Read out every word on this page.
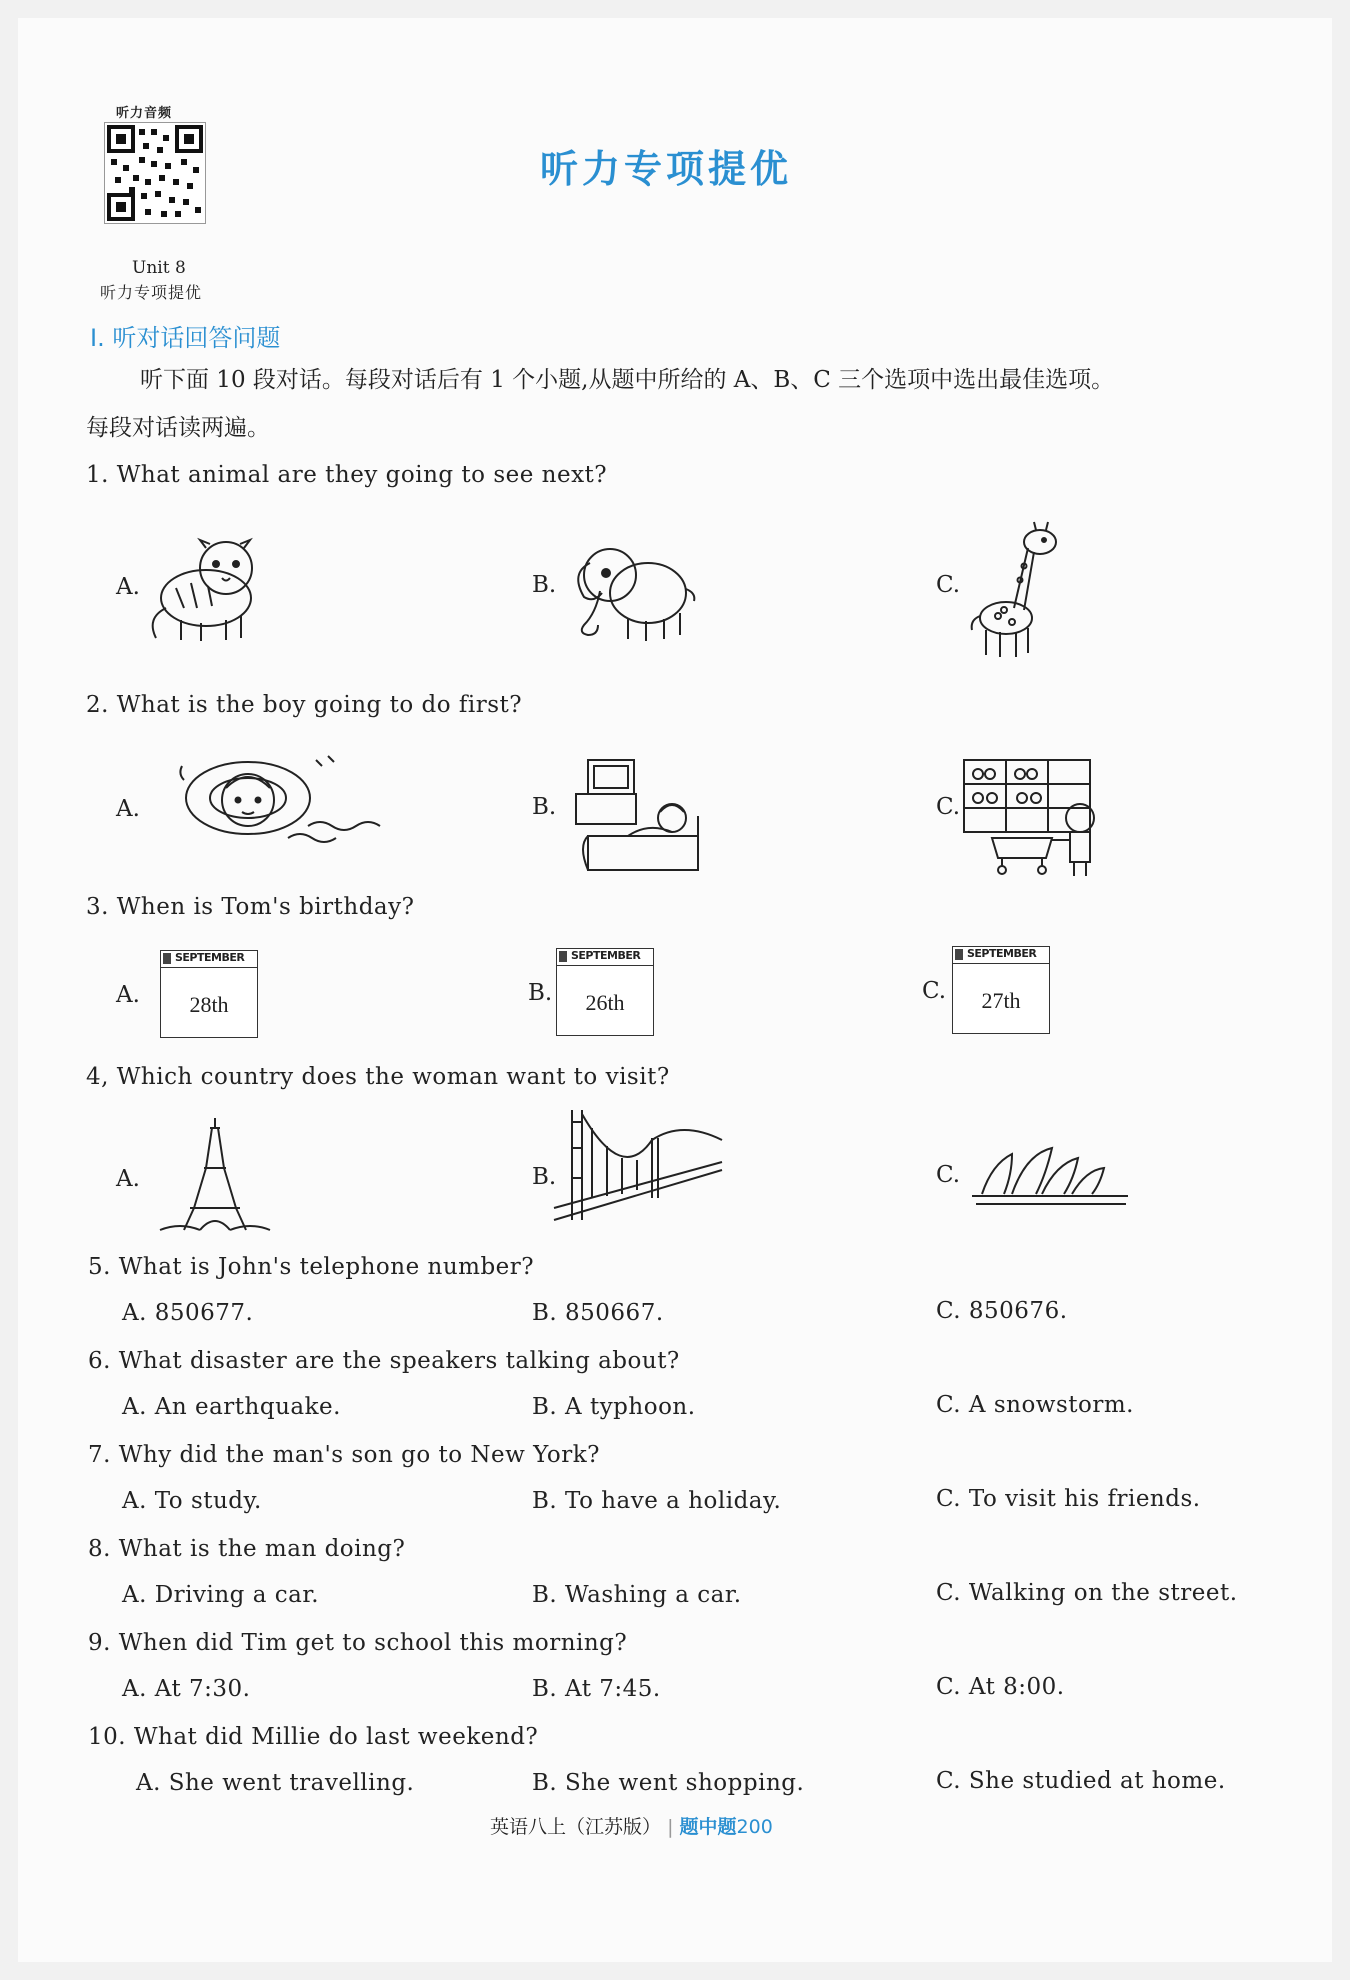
听力音频
Unit 8
听力专项提优
听力专项提优
Ⅰ. 听对话回答问题
听下面 10 段对话。每段对话后有 1 个小题,从题中所给的 A、B、C 三个选项中选出最佳选项。
每段对话读两遍。
1. What animal are they going to see next?
A.	B.	C.
2. What is the boy going to do first?
A.	B.	C.
3. When is Tom's birthday?
A.
SEPTEMBER
28th	B.
SEPTEMBER
26th	C.
SEPTEMBER
27th
4, Which country does the woman want to visit?
A.	B.	C.
5. What is John's telephone number?
A. 850677.	B. 850667.	C. 850676.
6. What disaster are the speakers talking about?
A. An earthquake.	B. A typhoon.	C. A snowstorm.
7. Why did the man's son go to New York?
A. To study.	B. To have a holiday.	C. To visit his friends.
8. What is the man doing?
A. Driving a car.	B. Washing a car.	C. Walking on the street.
9. When did Tim get to school this morning?
A. At 7:30.	B. At 7:45.	C. At 8:00.
10. What did Millie do last weekend?
A. She went travelling.	B. She went shopping.	C. She studied at home.
英语八上（江苏版） | 题中题200
